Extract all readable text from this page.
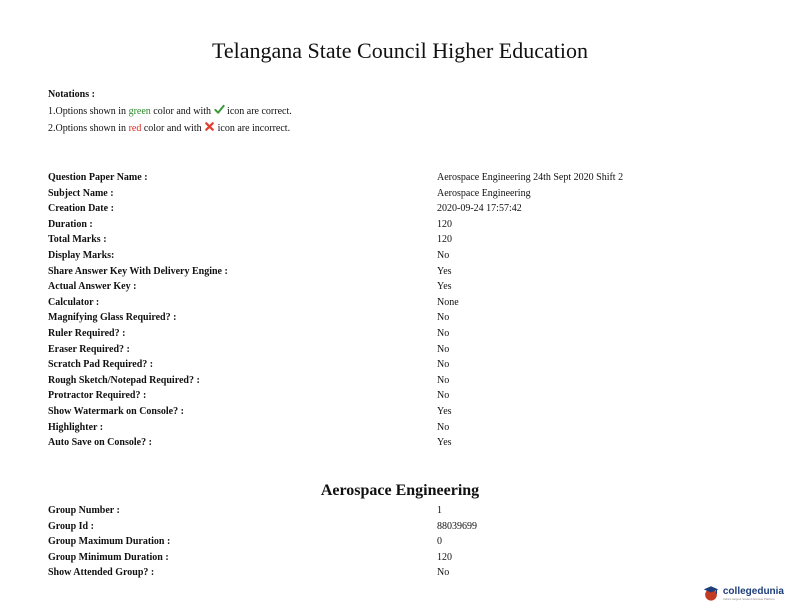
Telangana State Council Higher Education
Notations :
1.Options shown in green color and with  icon are correct.
2.Options shown in red color and with  icon are incorrect.
Question Paper Name :	Aerospace Engineering 24th Sept 2020 Shift 2
Subject Name :	Aerospace Engineering
Creation Date :	2020-09-24 17:57:42
Duration :	120
Total Marks :	120
Display Marks:	No
Share Answer Key With Delivery Engine :	Yes
Actual Answer Key :	Yes
Calculator :	None
Magnifying Glass Required? :	No
Ruler Required? :	No
Eraser Required? :	No
Scratch Pad Required? :	No
Rough Sketch/Notepad Required? :	No
Protractor Required? :	No
Show Watermark on Console? :	Yes
Highlighter :	No
Auto Save on Console? :	Yes
Aerospace Engineering
Group Number :	1
Group Id :	88039699
Group Maximum Duration :	0
Group Minimum Duration :	120
Show Attended Group? :	No
collegedunia
India's largest Student Review Platform
